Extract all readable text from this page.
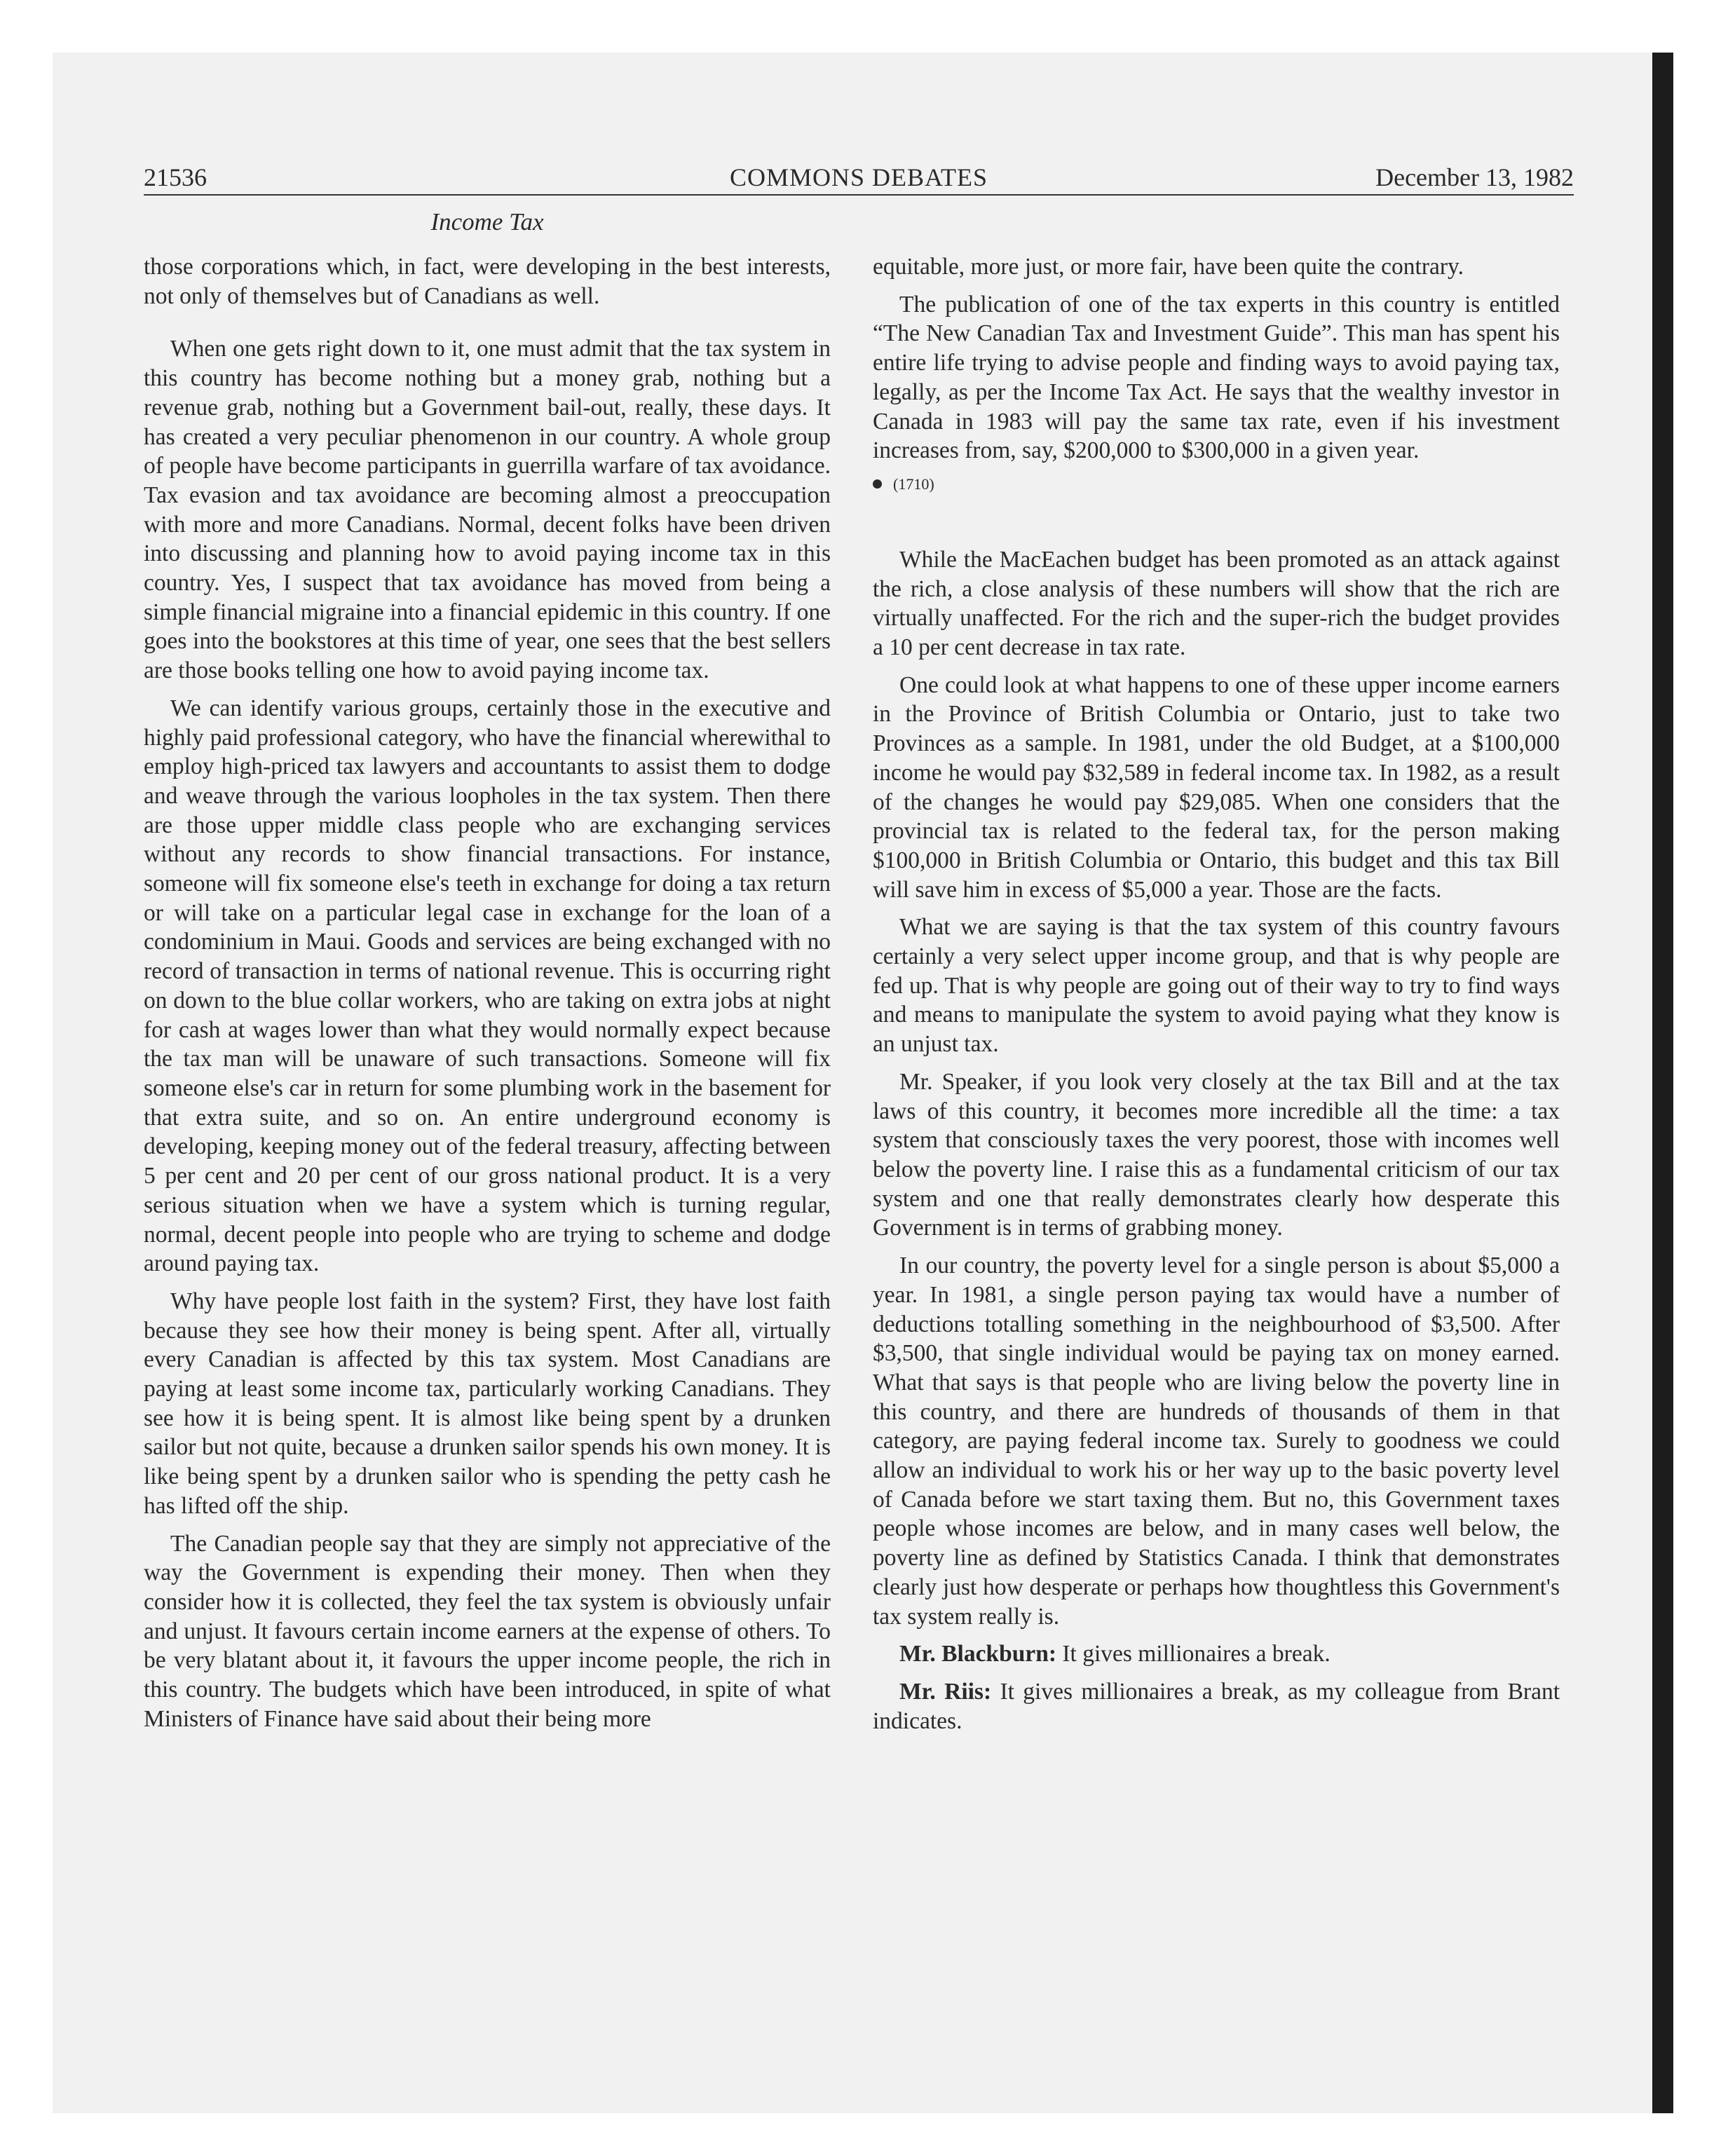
COMMONS DEBATES
21536	December 13, 1982
Income Tax

those corporations which, in fact, were developing in the best interests, not only of themselves but of Canadians as well.

When one gets right down to it, one must admit that the tax system in this country has become nothing but a money grab, nothing but a revenue grab, nothing but a Government bail-out, really, these days. It has created a very peculiar phenomenon in our country. A whole group of people have become participants in guerrilla warfare of tax avoidance. Tax evasion and tax avoidance are becoming almost a preoccupation with more and more Canadians. Normal, decent folks have been driven into discussing and planning how to avoid paying income tax in this country. Yes, I suspect that tax avoidance has moved from being a simple financial migraine into a financial epidemic in this country. If one goes into the bookstores at this time of year, one sees that the best sellers are those books telling one how to avoid paying income tax.

We can identify various groups, certainly those in the executive and highly paid professional category, who have the financial wherewithal to employ high-priced tax lawyers and accountants to assist them to dodge and weave through the various loopholes in the tax system. Then there are those upper middle class people who are exchanging services without any records to show financial transactions. For instance, someone will fix someone else's teeth in exchange for doing a tax return or will take on a particular legal case in exchange for the loan of a condominium in Maui. Goods and services are being exchanged with no record of transaction in terms of national revenue. This is occurring right on down to the blue collar workers, who are taking on extra jobs at night for cash at wages lower than what they would normally expect because the tax man will be unaware of such transactions. Someone will fix someone else's car in return for some plumbing work in the basement for that extra suite, and so on. An entire underground economy is developing, keeping money out of the federal treasury, affecting between 5 per cent and 20 per cent of our gross national product. It is a very serious situation when we have a system which is turning regular, normal, decent people into people who are trying to scheme and dodge around paying tax.

Why have people lost faith in the system? First, they have lost faith because they see how their money is being spent. After all, virtually every Canadian is affected by this tax system. Most Canadians are paying at least some income tax, particularly working Canadians. They see how it is being spent. It is almost like being spent by a drunken sailor but not quite, because a drunken sailor spends his own money. It is like being spent by a drunken sailor who is spending the petty cash he has lifted off the ship.

The Canadian people say that they are simply not appreciative of the way the Government is expending their money. Then when they consider how it is collected, they feel the tax system is obviously unfair and unjust. It favours certain income earners at the expense of others. To be very blatant about it, it favours the upper income people, the rich in this country. The budgets which have been introduced, in spite of what Ministers of Finance have said about their being more

equitable, more just, or more fair, have been quite the contrary.

The publication of one of the tax experts in this country is entitled “The New Canadian Tax and Investment Guide”. This man has spent his entire life trying to advise people and finding ways to avoid paying tax, legally, as per the Income Tax Act. He says that the wealthy investor in Canada in 1983 will pay the same tax rate, even if his investment increases from, say, $200,000 to $300,000 in a given year.

(1710)

While the MacEachen budget has been promoted as an attack against the rich, a close analysis of these numbers will show that the rich are virtually unaffected. For the rich and the super-rich the budget provides a 10 per cent decrease in tax rate.

One could look at what happens to one of these upper income earners in the Province of British Columbia or Ontario, just to take two Provinces as a sample. In 1981, under the old Budget, at a $100,000 income he would pay $32,589 in federal income tax. In 1982, as a result of the changes he would pay $29,085. When one considers that the provincial tax is related to the federal tax, for the person making $100,000 in British Columbia or Ontario, this budget and this tax Bill will save him in excess of $5,000 a year. Those are the facts.

What we are saying is that the tax system of this country favours certainly a very select upper income group, and that is why people are fed up. That is why people are going out of their way to try to find ways and means to manipulate the system to avoid paying what they know is an unjust tax.

Mr. Speaker, if you look very closely at the tax Bill and at the tax laws of this country, it becomes more incredible all the time: a tax system that consciously taxes the very poorest, those with incomes well below the poverty line. I raise this as a fundamental criticism of our tax system and one that really demonstrates clearly how desperate this Government is in terms of grabbing money.

In our country, the poverty level for a single person is about $5,000 a year. In 1981, a single person paying tax would have a number of deductions totalling something in the neighbourhood of $3,500. After $3,500, that single individual would be paying tax on money earned. What that says is that people who are living below the poverty line in this country, and there are hundreds of thousands of them in that category, are paying federal income tax. Surely to goodness we could allow an individual to work his or her way up to the basic poverty level of Canada before we start taxing them. But no, this Government taxes people whose incomes are below, and in many cases well below, the poverty line as defined by Statistics Canada. I think that demonstrates clearly just how desperate or perhaps how thoughtless this Government's tax system really is.

Mr. Blackburn: It gives millionaires a break.

Mr. Riis: It gives millionaires a break, as my colleague from Brant indicates.
